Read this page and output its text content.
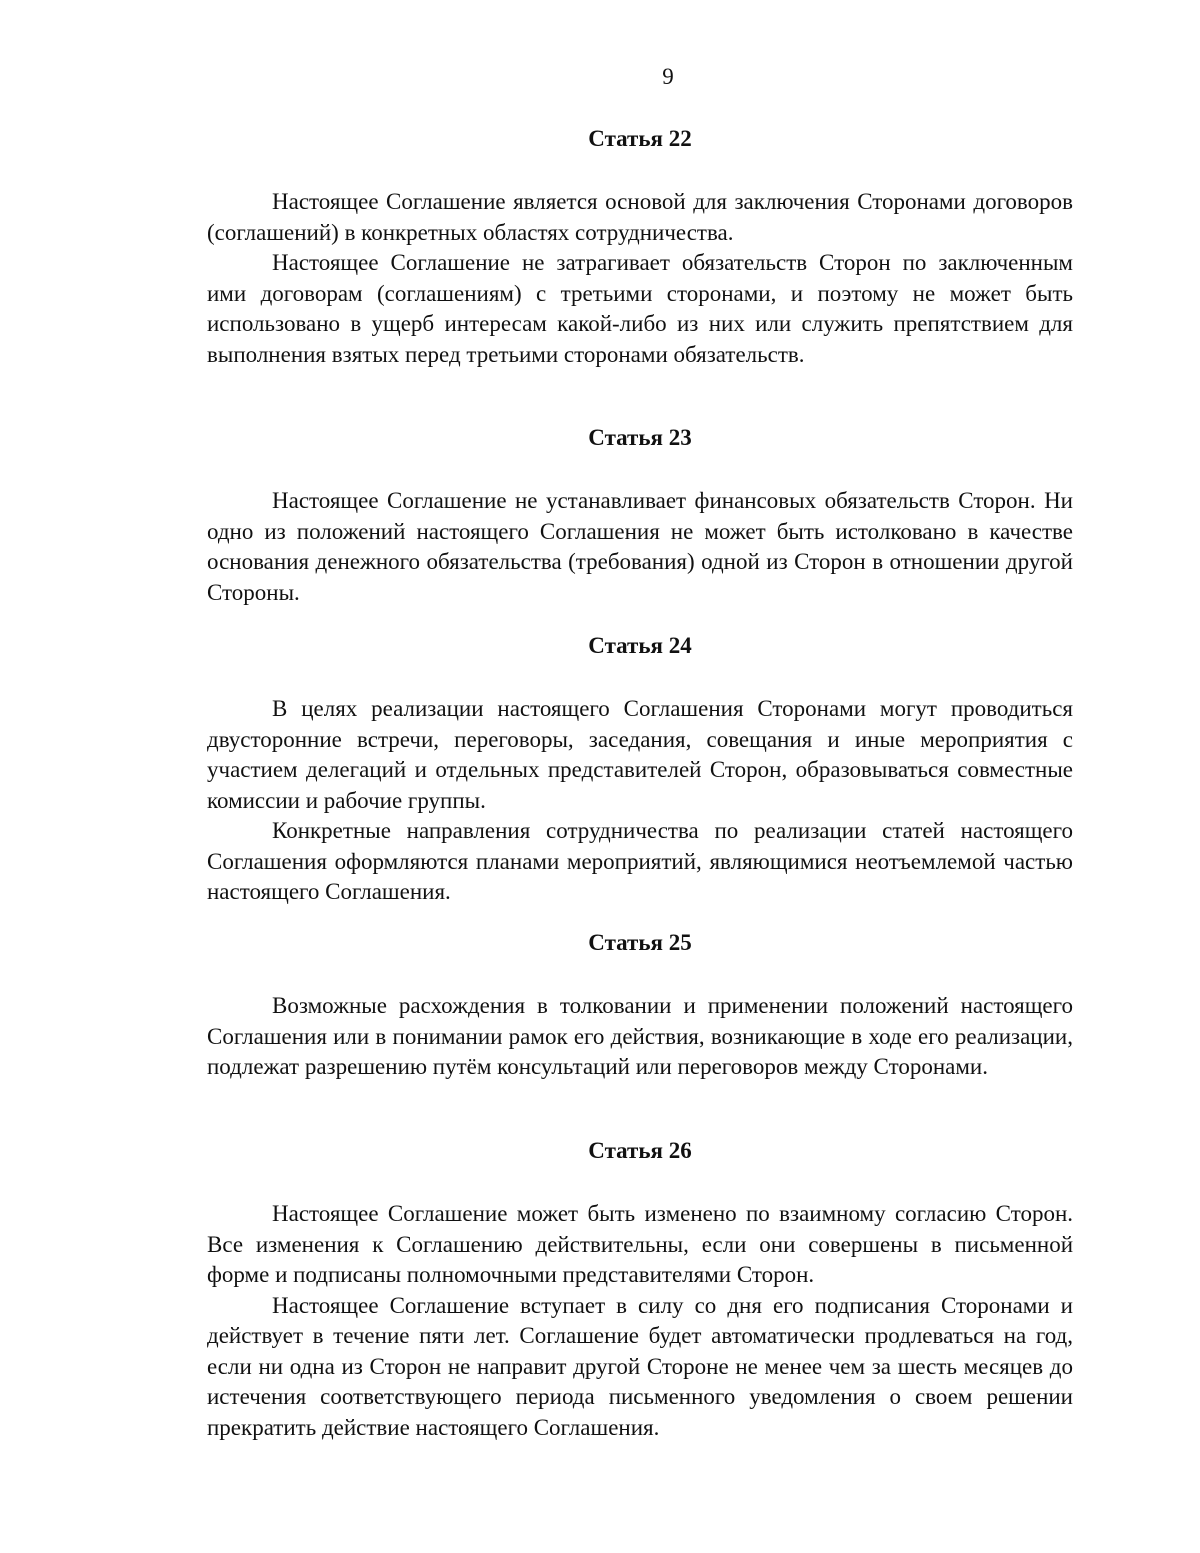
9
Статья 22

Настоящее Соглашение является основой для заключения Сторонами договоров (соглашений) в конкретных областях сотрудничества.

Настоящее Соглашение не затрагивает обязательств Сторон по заключенным ими договорам (соглашениям) с третьими сторонами, и поэтому не может быть использовано в ущерб интересам какой-либо из них или служить препятствием для выполнения взятых перед третьими сторонами обязательств.

Статья 23

Настоящее Соглашение не устанавливает финансовых обязательств Сторон. Ни одно из положений настоящего Соглашения не может быть истолковано в качестве основания денежного обязательства (требования) одной из Сторон в отношении другой Стороны.

Статья 24

В целях реализации настоящего Соглашения Сторонами могут проводиться двусторонние встречи, переговоры, заседания, совещания и иные мероприятия с участием делегаций и отдельных представителей Сторон, образовываться совместные комиссии и рабочие группы.

Конкретные направления сотрудничества по реализации статей настоящего Соглашения оформляются планами мероприятий, являющимися неотъемлемой частью настоящего Соглашения.

Статья 25

Возможные расхождения в толковании и применении положений настоящего Соглашения или в понимании рамок его действия, возникающие в ходе его реализации, подлежат разрешению путём консультаций или переговоров между Сторонами.

Статья 26

Настоящее Соглашение может быть изменено по взаимному согласию Сторон. Все изменения к Соглашению действительны, если они совершены в письменной форме и подписаны полномочными представителями Сторон.

Настоящее Соглашение вступает в силу со дня его подписания Сторонами и действует в течение пяти лет. Соглашение будет автоматически продлеваться на год, если ни одна из Сторон не направит другой Стороне не менее чем за шесть месяцев до истечения соответствующего периода письменного уведомления о своем решении прекратить действие настоящего Соглашения.
